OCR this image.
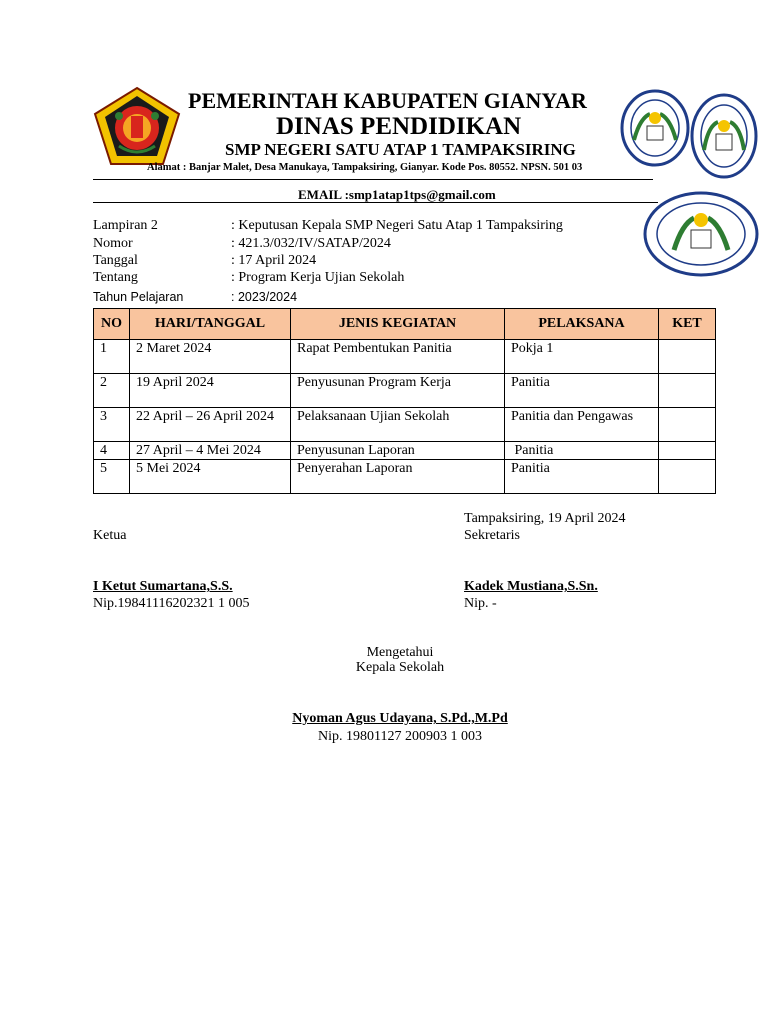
PEMERINTAH KABUPATEN GIANYAR
DINAS PENDIDIKAN
SMP NEGERI SATU ATAP 1 TAMPAKSIRING
Alamat : Banjar Malet, Desa Manukaya, Tampaksiring, Gianyar. Kode Pos. 80552. NPSN. 501 03
EMAIL :smp1atap1tps@gmail.com
Lampiran 2	: Keputusan Kepala SMP Negeri Satu Atap 1 Tampaksiring
Nomor	: 421.3/032/IV/SATAP/2024
Tanggal	: 17 April 2024
Tentang	: Program Kerja Ujian Sekolah
Tahun Pelajaran	: 2023/2024
NO	HARI/TANGGAL	JENIS KEGIATAN	PELAKSANA	KET
1	2 Maret 2024	Rapat Pembentukan Panitia	Pokja 1	
2	19 April 2024	Penyusunan Program Kerja	Panitia	
3	22 April – 26 April 2024	Pelaksanaan Ujian Sekolah	Panitia dan Pengawas	
4	27 April – 4 Mei 2024	Penyusunan Laporan	Panitia	
5	5 Mei 2024	Penyerahan Laporan	Panitia	
Tampaksiring, 19 April 2024
Ketua	Sekretaris
I Ketut Sumartana,S.S.
Nip.19841116202321 1 005
Kadek Mustiana,S.Sn.
Nip. -
Mengetahui
Kepala Sekolah
Nyoman Agus Udayana, S.Pd.,M.Pd
Nip. 19801127 200903 1 003
